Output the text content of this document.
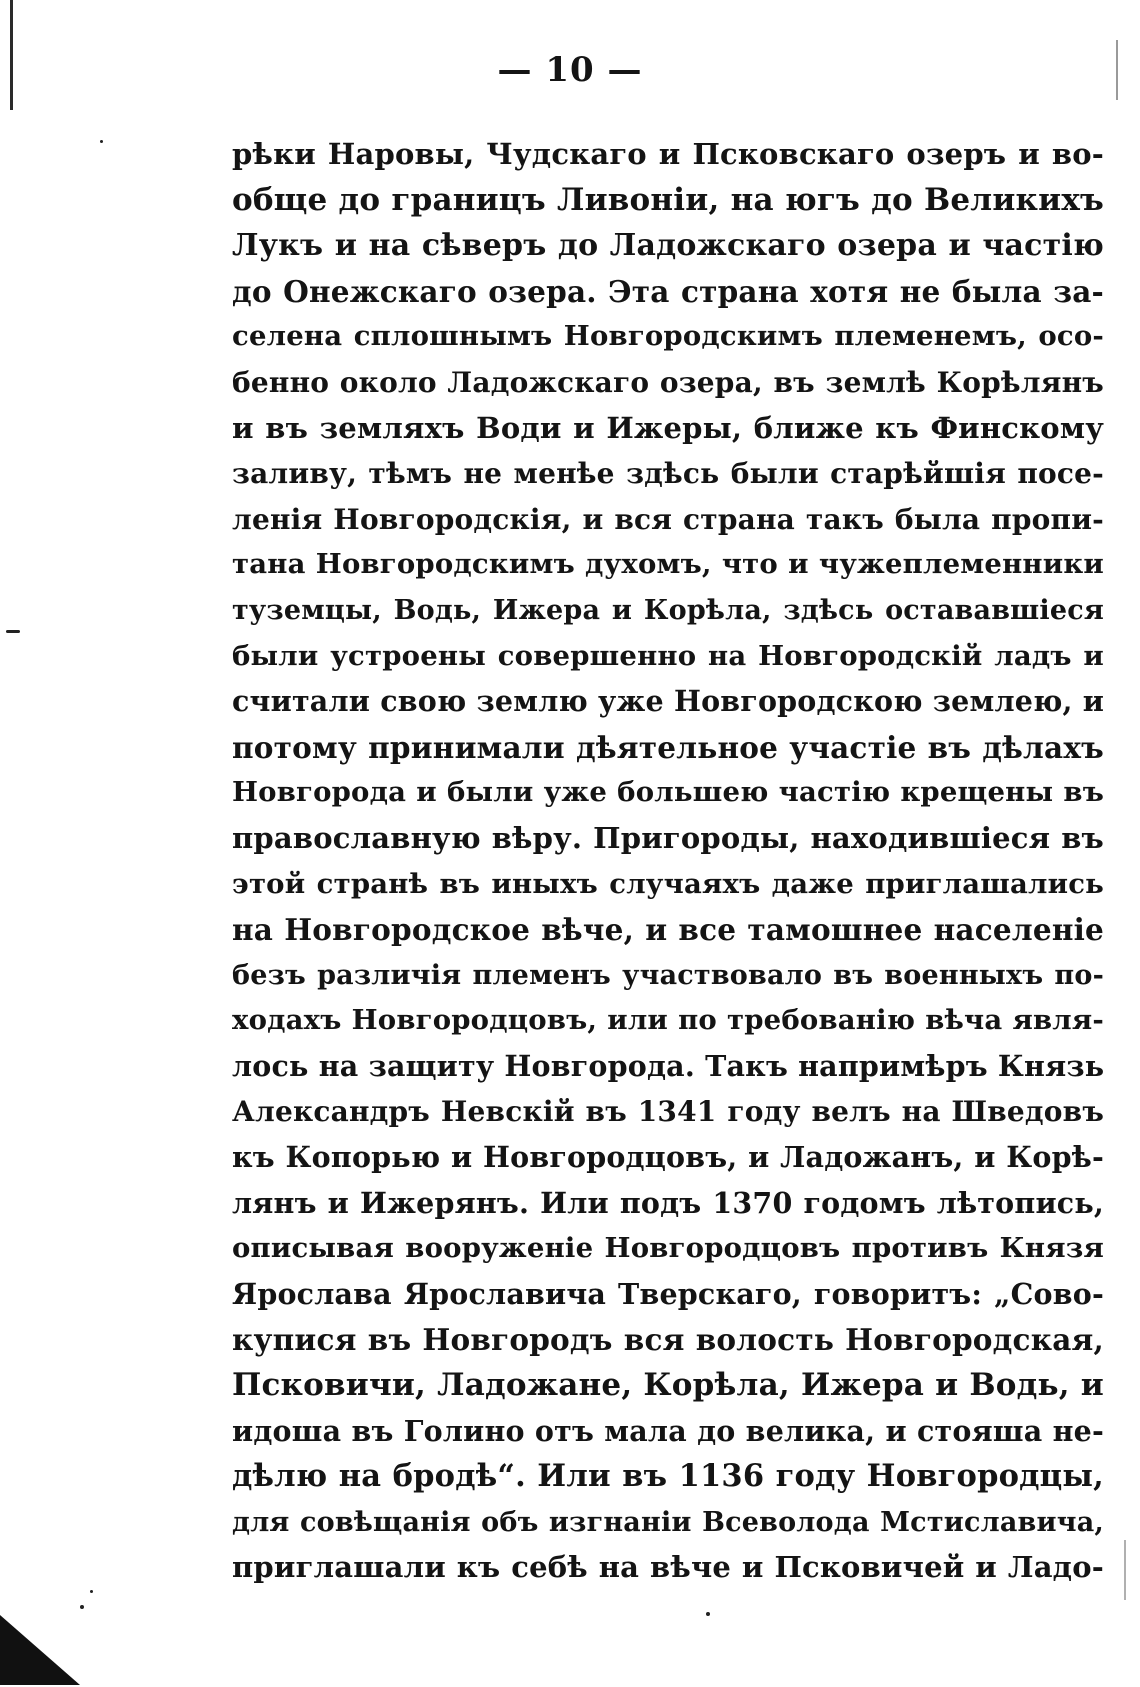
— 10 —
рѣки Наровы, Чудскаго и Псковскаго озеръ и во-
обще до границъ Ливоніи, на югъ до Великихъ
Лукъ и на сѣверъ до Ладожскаго озера и частію
до Онежскаго озера. Эта страна хотя не была за-
селена сплошнымъ Новгородскимъ племенемъ, осо-
бенно около Ладожскаго озера, въ землѣ Корѣлянъ
и въ земляхъ Води и Ижеры, ближе къ Финскому
заливу, тѣмъ не менѣе здѣсь были старѣйшія посе-
ленія Новгородскія, и вся страна такъ была пропи-
тана Новгородскимъ духомъ, что и чужеплеменники
туземцы, Водь, Ижера и Корѣла, здѣсь остававшіеся
были устроены совершенно на Новгородскій ладъ и
считали свою землю уже Новгородскою землею, и
потому принимали дѣятельное участіе въ дѣлахъ
Новгорода и были уже большею частію крещены въ
православную вѣру. Пригороды, находившіеся въ
этой странѣ въ иныхъ случаяхъ даже приглашались
на Новгородское вѣче, и все тамошнее населеніе
безъ различія племенъ участвовало въ военныхъ по-
ходахъ Новгородцовъ, или по требованію вѣча явля-
лось на защиту Новгорода. Такъ напримѣръ Князь
Александръ Невскій въ 1341 году велъ на Шведовъ
къ Копорью и Новгородцовъ, и Ладожанъ, и Корѣ-
лянъ и Ижерянъ. Или подъ 1370 годомъ лѣтопись,
описывая вооруженіе Новгородцовъ противъ Князя
Ярослава Ярославича Тверскаго, говоритъ: „Сово-
купися въ Новгородъ вся волость Новгородская,
Псковичи, Ладожане, Корѣла, Ижера и Водь, и
идоша въ Голино отъ мала до велика, и стояша не-
дѣлю на бродѣ“. Или въ 1136 году Новгородцы,
для совѣщанія объ изгнаніи Всеволода Мстиславича,
приглашали къ себѣ на вѣче и Псковичей и Ладо-
